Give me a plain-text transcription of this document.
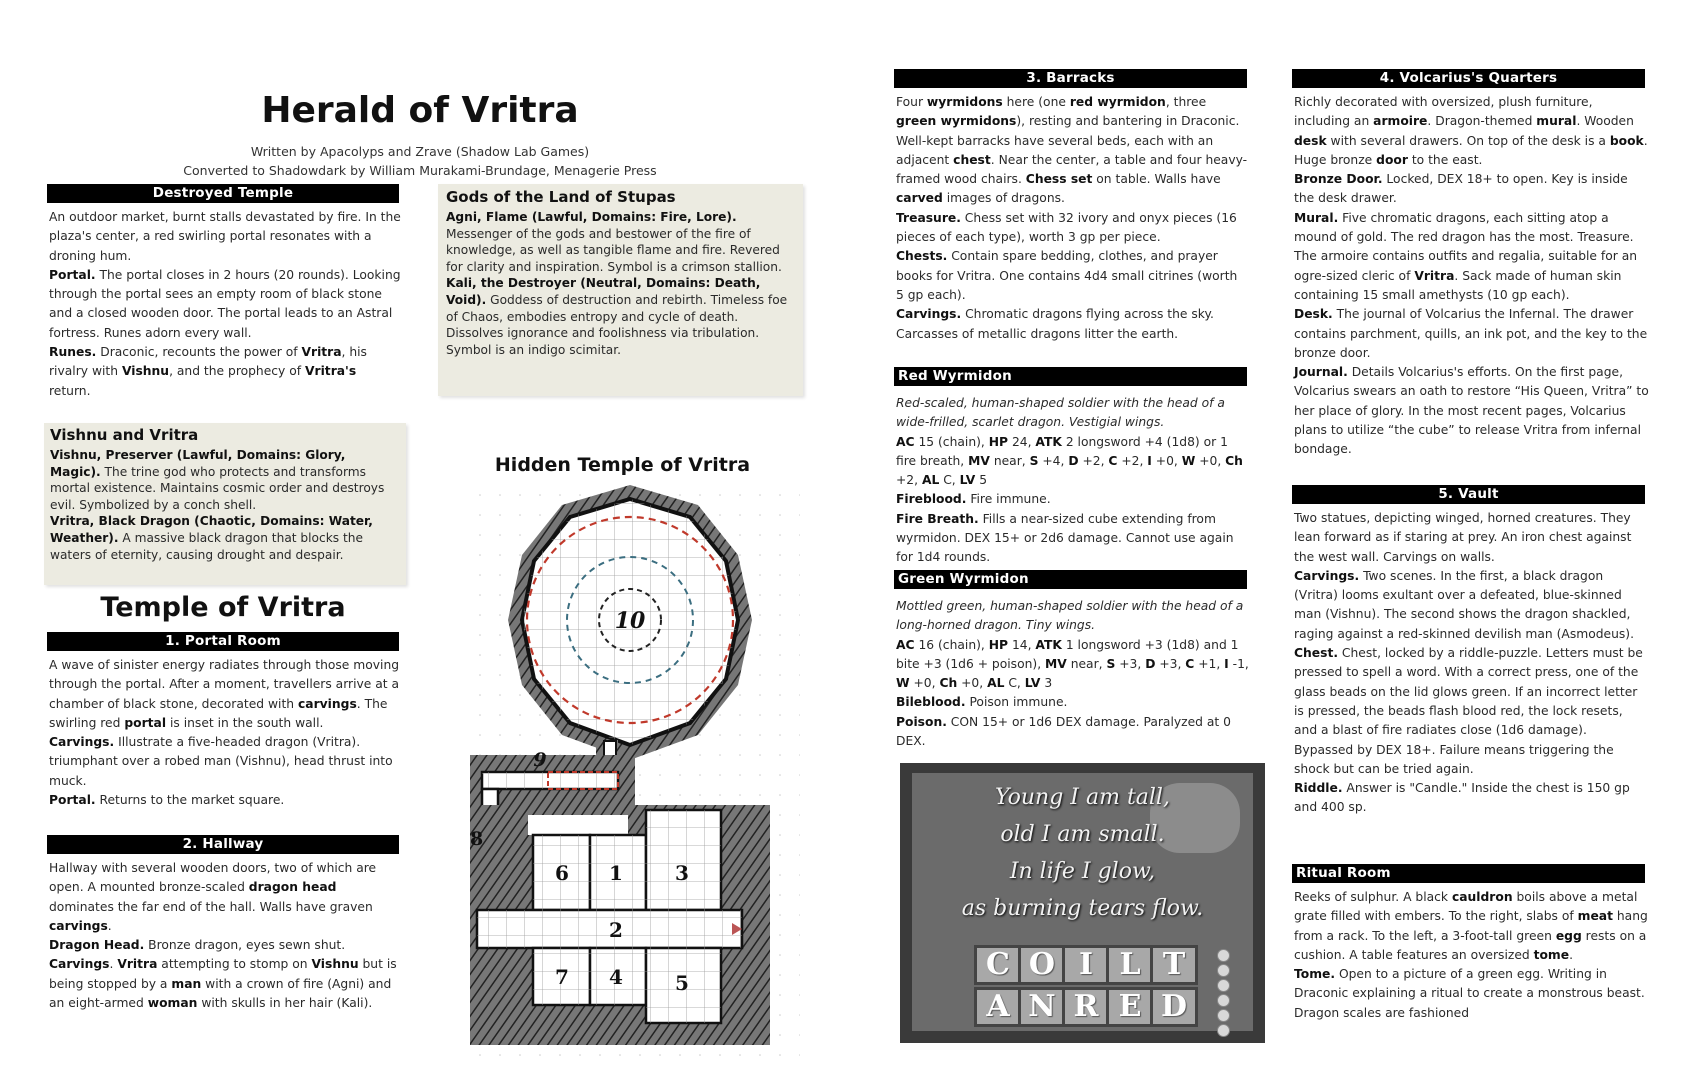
Herald of Vritra
Written by Apacolyps and Zrave (Shadow Lab Games)
Converted to Shadowdark by William Murakami-Brundage, Menagerie Press
Destroyed Temple

An outdoor market, burnt stalls devastated by fire. In the plaza's center, a red swirling portal resonates with a droning hum.

Portal. The portal closes in 2 hours (20 rounds). Looking through the portal sees an empty room of black stone and a closed wooden door. The portal leads to an Astral fortress. Runes adorn every wall.

Runes. Draconic, recounts the power of Vritra, his rivalry with Vishnu, and the prophecy of Vritra's return.

Gods of the Land of Stupas

Agni, Flame (Lawful, Domains: Fire, Lore).
Messenger of the gods and bestower of the fire of knowledge, as well as tangible flame and fire. Revered for clarity and inspiration. Symbol is a crimson stallion.

Kali, the Destroyer (Neutral, Domains: Death, Void). Goddess of destruction and rebirth. Timeless foe of Chaos, embodies entropy and cycle of death. Dissolves ignorance and foolishness via tribulation. Symbol is an indigo scimitar.

Vishnu and Vritra

Vishnu, Preserver (Lawful, Domains: Glory, Magic). The trine god who protects and transforms mortal existence. Maintains cosmic order and destroys evil. Symbolized by a conch shell.

Vritra, Black Dragon (Chaotic, Domains: Water, Weather). A massive black dragon that blocks the waters of eternity, causing drought and despair.

Temple of Vritra
1. Portal Room

A wave of sinister energy radiates through those moving through the portal. After a moment, travellers arrive at a chamber of black stone, decorated with carvings. The swirling red portal is inset in the south wall.

Carvings. Illustrate a five-headed dragon (Vritra). triumphant over a robed man (Vishnu), head thrust into muck.

Portal. Returns to the market square.

2. Hallway

Hallway with several wooden doors, two of which are open. A mounted bronze-scaled dragon head dominates the far end of the hall. Walls have graven carvings.

Dragon Head. Bronze dragon, eyes sewn shut.

Carvings. Vritra attempting to stomp on Vishnu but is being stopped by a man with a crown of fire (Agni) and an eight-armed woman with skulls in her hair (Kali).

Hidden Temple of Vritra
10
9
8
6 1	3
2
7 4	5
3. Barracks

Four wyrmidons here (one red wyrmidon, three green wyrmidons), resting and bantering in Draconic. Well-kept barracks have several beds, each with an adjacent chest. Near the center, a table and four heavy-framed wood chairs. Chess set on table. Walls have carved images of dragons.

Treasure. Chess set with 32 ivory and onyx pieces (16 pieces of each type), worth 3 gp per piece.

Chests. Contain spare bedding, clothes, and prayer books for Vritra. One contains 4d4 small citrines (worth 5 gp each).

Carvings. Chromatic dragons flying across the sky. Carcasses of metallic dragons litter the earth.

Red Wyrmidon

Red-scaled, human-shaped soldier with the head of a wide-frilled, scarlet dragon. Vestigial wings.

AC 15 (chain), HP 24, ATK 2 longsword +4 (1d8) or 1 fire breath, MV near, S +4, D +2, C +2, I +0, W +0, Ch +2, AL C, LV 5

Fireblood. Fire immune.

Fire Breath. Fills a near-sized cube extending from wyrmidon. DEX 15+ or 2d6 damage. Cannot use again for 1d4 rounds.

Green Wyrmidon

Mottled green, human-shaped soldier with the head of a long-horned dragon. Tiny wings.

AC 16 (chain), HP 14, ATK 1 longsword +3 (1d8) and 1 bite +3 (1d6 + poison), MV near, S +3, D +3, C +1, I -1, W +0, Ch +0, AL C, LV 3

Bileblood. Poison immune.

Poison. CON 15+ or 1d6 DEX damage. Paralyzed at 0 DEX.

Young I am tall,
old I am small.
In life I glow,
as burning tears flow.
C O I L T
A N R E D
4. Volcarius's Quarters

Richly decorated with oversized, plush furniture, including an armoire. Dragon-themed mural. Wooden desk with several drawers. On top of the desk is a book. Huge bronze door to the east.

Bronze Door. Locked, DEX 18+ to open. Key is inside the desk drawer.

Mural. Five chromatic dragons, each sitting atop a mound of gold. The red dragon has the most. Treasure. The armoire contains outfits and regalia, suitable for an ogre-sized cleric of Vritra. Sack made of human skin containing 15 small amethysts (10 gp each).

Desk. The journal of Volcarius the Infernal. The drawer contains parchment, quills, an ink pot, and the key to the bronze door.

Journal. Details Volcarius's efforts. On the first page, Volcarius swears an oath to restore “His Queen, Vritra” to her place of glory. In the most recent pages, Volcarius plans to utilize “the cube” to release Vritra from infernal bondage.

5. Vault

Two statues, depicting winged, horned creatures. They lean forward as if staring at prey. An iron chest against the west wall. Carvings on walls.

Carvings. Two scenes. In the first, a black dragon (Vritra) looms exultant over a defeated, blue-skinned man (Vishnu). The second shows the dragon shackled, raging against a red-skinned devilish man (Asmodeus).

Chest. Chest, locked by a riddle-puzzle. Letters must be pressed to spell a word. With a correct press, one of the glass beads on the lid glows green. If an incorrect letter is pressed, the beads flash blood red, the lock resets, and a blast of fire radiates close (1d6 damage). Bypassed by DEX 18+. Failure means triggering the shock but can be tried again.

Riddle. Answer is "Candle." Inside the chest is 150 gp and 400 sp.

Ritual Room

Reeks of sulphur. A black cauldron boils above a metal grate filled with embers. To the right, slabs of meat hang from a rack. To the left, a 3-foot-tall green egg rests on a cushion. A table features an oversized tome.

Tome. Open to a picture of a green egg. Writing in Draconic explaining a ritual to create a monstrous beast. Dragon scales are fashioned
